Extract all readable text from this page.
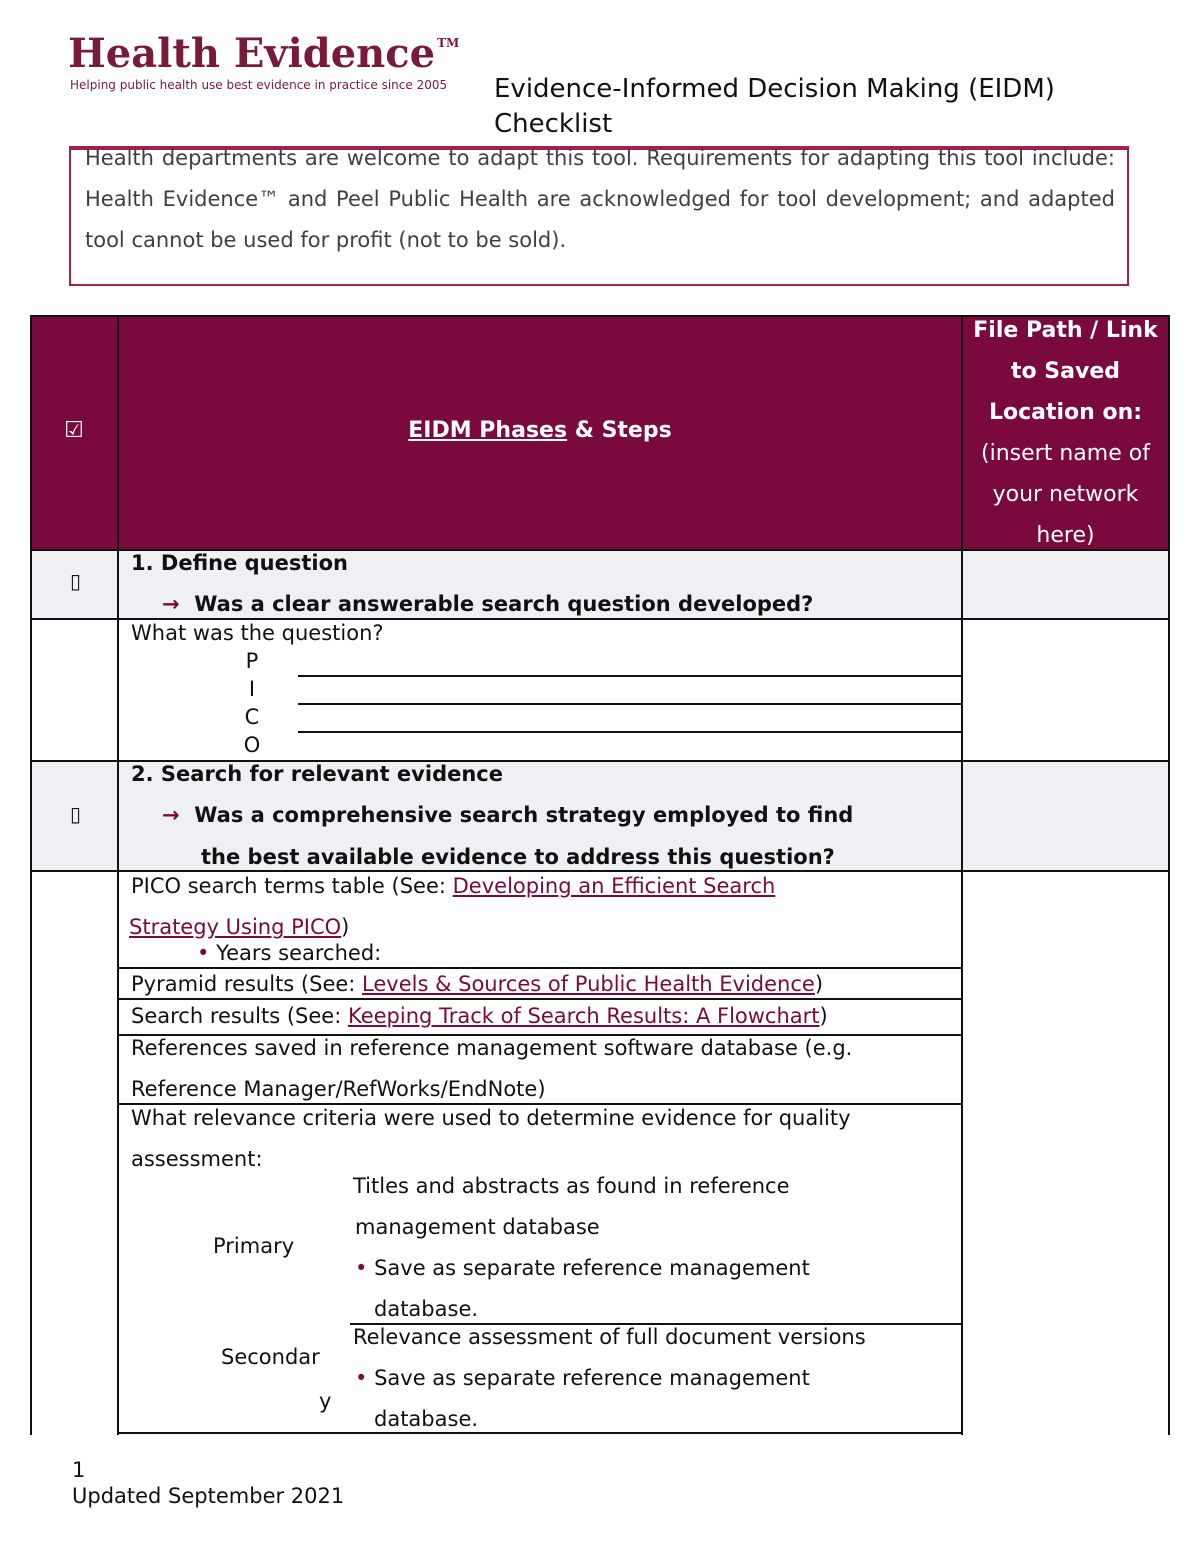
Health Evidence ™
Helping public health use best evidence in practice since 2005 Evidence-Informed Decision Making (EIDM) Checklist
Health departments are welcome to adapt this tool. Requirements for adapting this tool include: Health Evidence™ and Peel Public Health are acknowledged for tool development; and adapted tool cannot be used for profit (not to be sold).
☑	EIDM Phases & Steps
File Path / Link to Saved Location on: (insert name of your network here)
▯
1. Define question
→ Was a clear answerable search question developed?
What was the question?
P
I
C
O
▯
2. Search for relevant evidence
→ Was a comprehensive search strategy employed to find
the best available evidence to address this question?
PICO search terms table (See: Developing an Efficient Search
Strategy Using PICO)
• Years searched:
Pyramid results (See: Levels & Sources of Public Health Evidence)
Search results (See: Keeping Track of Search Results: A Flowchart)
References saved in reference management software database (e.g.
Reference Manager/RefWorks/EndNote)
What relevance criteria were used to determine evidence for quality
assessment:
Primary
Titles and abstracts as found in reference
management database
• Save as separate reference management
database.
Secondar
y
Relevance assessment of full document versions
• Save as separate reference management
database.
1
Updated September 2021
